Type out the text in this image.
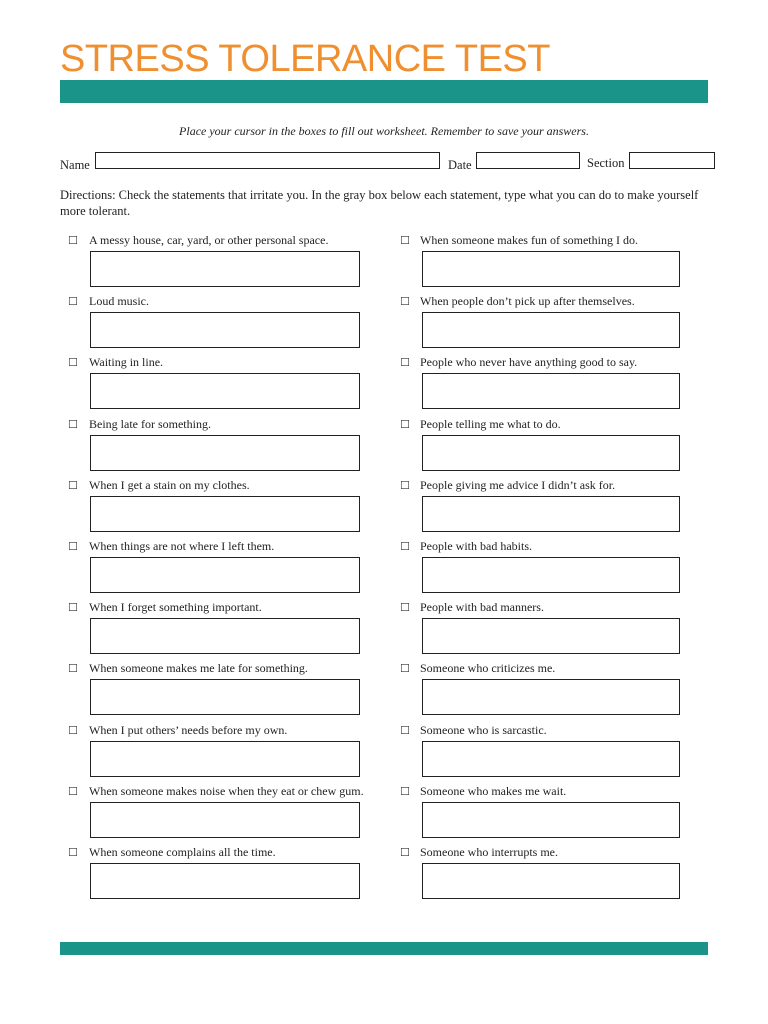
STRESS TOLERANCE TEST
Place your cursor in the boxes to fill out worksheet. Remember to save your answers.
Name	Date	Section
Directions: Check the statements that irritate you. In the gray box below each statement, type what you can do to make yourself more tolerant.
☐ A messy house, car, yard, or other personal space.
☐ Loud music.
☐ Waiting in line.
☐ Being late for something.
☐ When I get a stain on my clothes.
☐ When things are not where I left them.
☐ When I forget something important.
☐ When someone makes me late for something.
☐ When I put others’ needs before my own.
☐ When someone makes noise when they eat or chew gum.
☐ When someone complains all the time.
☐ When someone makes fun of something I do.
☐ When people don’t pick up after themselves.
☐ People who never have anything good to say.
☐ People telling me what to do.
☐ People giving me advice I didn’t ask for.
☐ People with bad habits.
☐ People with bad manners.
☐ Someone who criticizes me.
☐ Someone who is sarcastic.
☐ Someone who makes me wait.
☐ Someone who interrupts me.
